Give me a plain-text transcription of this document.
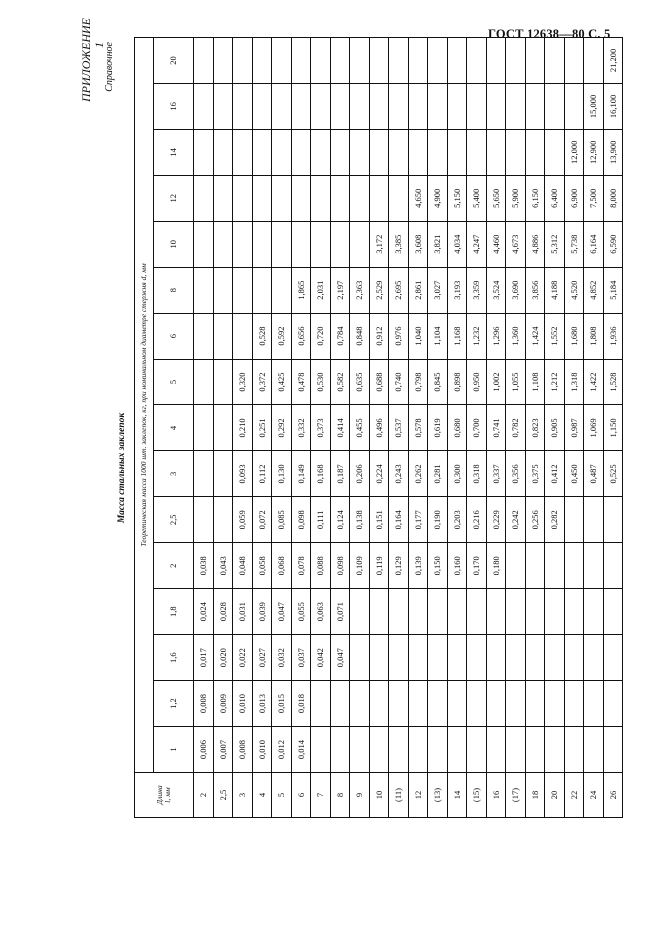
ГОСТ 12638—80 С. 5
ПРИЛОЖЕНИЕ 1
Справочное
Масса стальных заклепок
Длина l, мм	Теоретическая масса 1000 шт. заклепок, кг, при номинальном диаметре стержня d, мм															
	1	1,2	1,6	1,8	2	2,5	3	4	5	6	8	10	12	14	16	20
2	0,006	0,008	0,017	0,024	0,038											
2,5	0,007	0,009	0,020	0,028	0,043											
3	0,008	0,010	0,022	0,031	0,048	0,059	0,093	0,210	0,320							
4	0,010	0,013	0,027	0,039	0,058	0,072	0,112	0,251	0,372	0,528						
5	0,012	0,015	0,032	0,047	0,068	0,085	0,130	0,292	0,425	0,592						
6	0,014	0,018	0,037	0,055	0,078	0,098	0,149	0,332	0,478	0,656	1,865					
7			0,042	0,063	0,088	0,111	0,168	0,373	0,530	0,720	2,031					
8			0,047	0,071	0,098	0,124	0,187	0,414	0,582	0,784	2,197					
9					0,109	0,138	0,206	0,455	0,635	0,848	2,363					
10					0,119	0,151	0,224	0,496	0,688	0,912	2,529	3,172				
(11)					0,129	0,164	0,243	0,537	0,740	0,976	2,695	3,385				
12					0,139	0,177	0,262	0,578	0,798	1,040	2,861	3,608	4,650			
(13)					0,150	0,190	0,281	0,619	0,845	1,104	3,027	3,821	4,900			
14					0,160	0,203	0,300	0,680	0,898	1,168	3,193	4,034	5,150			
(15)					0,170	0,216	0,318	0,700	0,950	1,232	3,359	4,247	5,400			
16					0,180	0,229	0,337	0,741	1,002	1,296	3,524	4,460	5,650			
(17)						0,242	0,356	0,782	1,055	1,360	3,690	4,673	5,900			
18						0,256	0,375	0,823	1,108	1,424	3,856	4,886	6,150			
20						0,282	0,412	0,905	1,212	1,552	4,188	5,312	6,400			
22							0,450	0,987	1,318	1,680	4,520	5,738	6,900	12,000		
24							0,487	1,069	1,422	1,808	4,852	6,164	7,500	12,900	15,000	
26							0,525	1,150	1,528	1,936	5,184	6,590	8,000	13,900	16,100	21,200
